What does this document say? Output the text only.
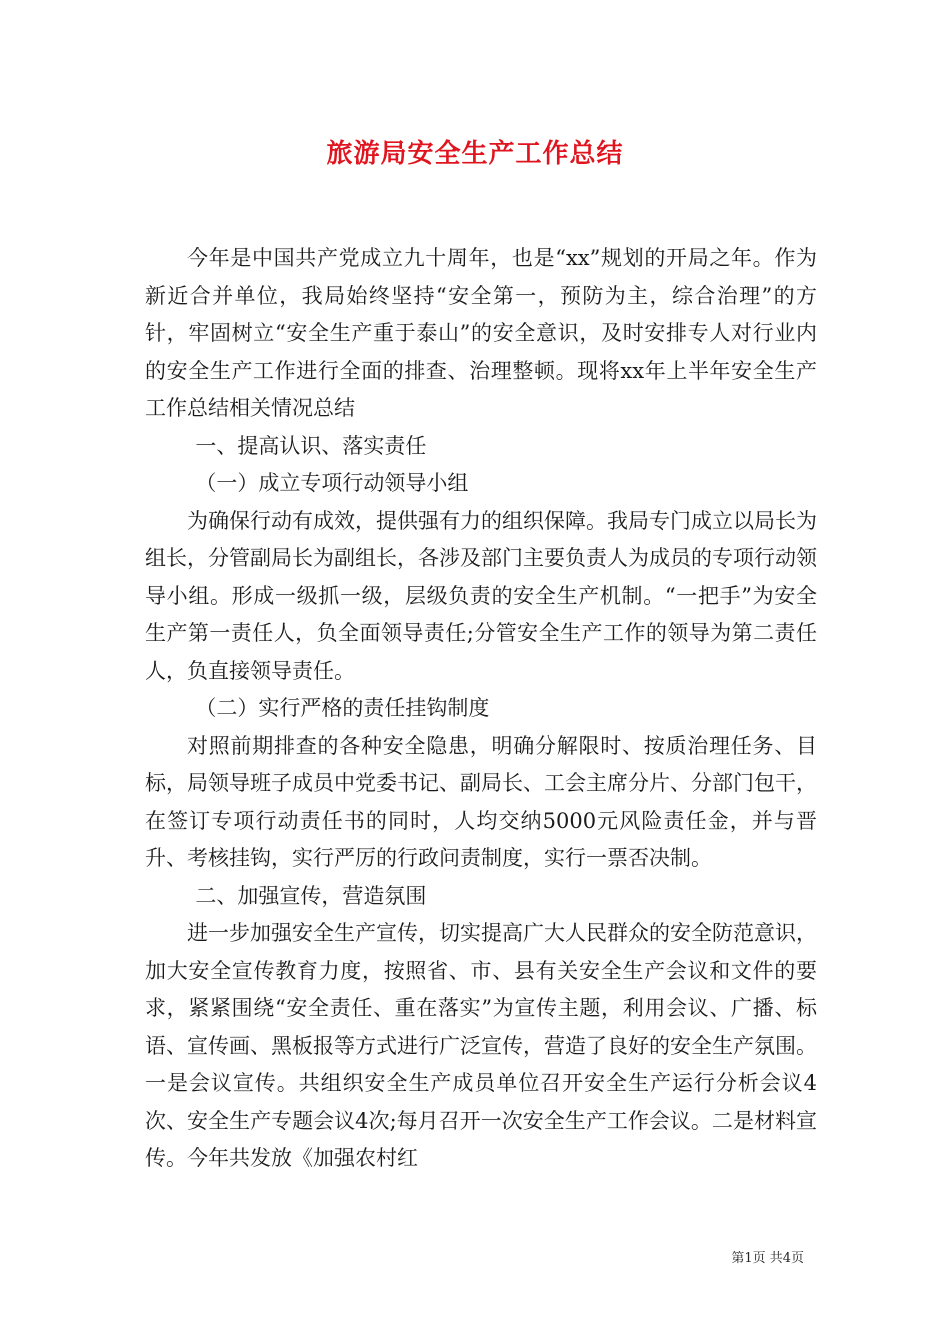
旅游局安全生产工作总结

今年是中国共产党成立九十周年，也是“xx”规划的开局之年。作为新近合并单位，我局始终坚持“安全第一，预防为主，综合治理”的方针，牢固树立“安全生产重于泰山”的安全意识，及时安排专人对行业内的安全生产工作进行全面的排查、治理整顿。现将xx年上半年安全生产工作总结相关情况总结

一、提高认识、落实责任

（一）成立专项行动领导小组

为确保行动有成效，提供强有力的组织保障。我局专门成立以局长为组长，分管副局长为副组长，各涉及部门主要负责人为成员的专项行动领导小组。形成一级抓一级，层级负责的安全生产机制。“一把手”为安全生产第一责任人，负全面领导责任;分管安全生产工作的领导为第二责任人，负直接领导责任。

（二）实行严格的责任挂钩制度

对照前期排查的各种安全隐患，明确分解限时、按质治理任务、目标，局领导班子成员中党委书记、副局长、工会主席分片、分部门包干，在签订专项行动责任书的同时，人均交纳5000元风险责任金，并与晋升、考核挂钩，实行严厉的行政问责制度，实行一票否决制。

二、加强宣传，营造氛围

进一步加强安全生产宣传，切实提高广大人民群众的安全防范意识，加大安全宣传教育力度，按照省、市、县有关安全生产会议和文件的要求，紧紧围绕“安全责任、重在落实”为宣传主题，利用会议、广播、标语、宣传画、黑板报等方式进行广泛宣传，营造了良好的安全生产氛围。一是会议宣传。共组织安全生产成员单位召开安全生产运行分析会议4次、安全生产专题会议4次;每月召开一次安全生产工作会议。二是材料宣传。今年共发放《加强农村红

第1页 共4页
